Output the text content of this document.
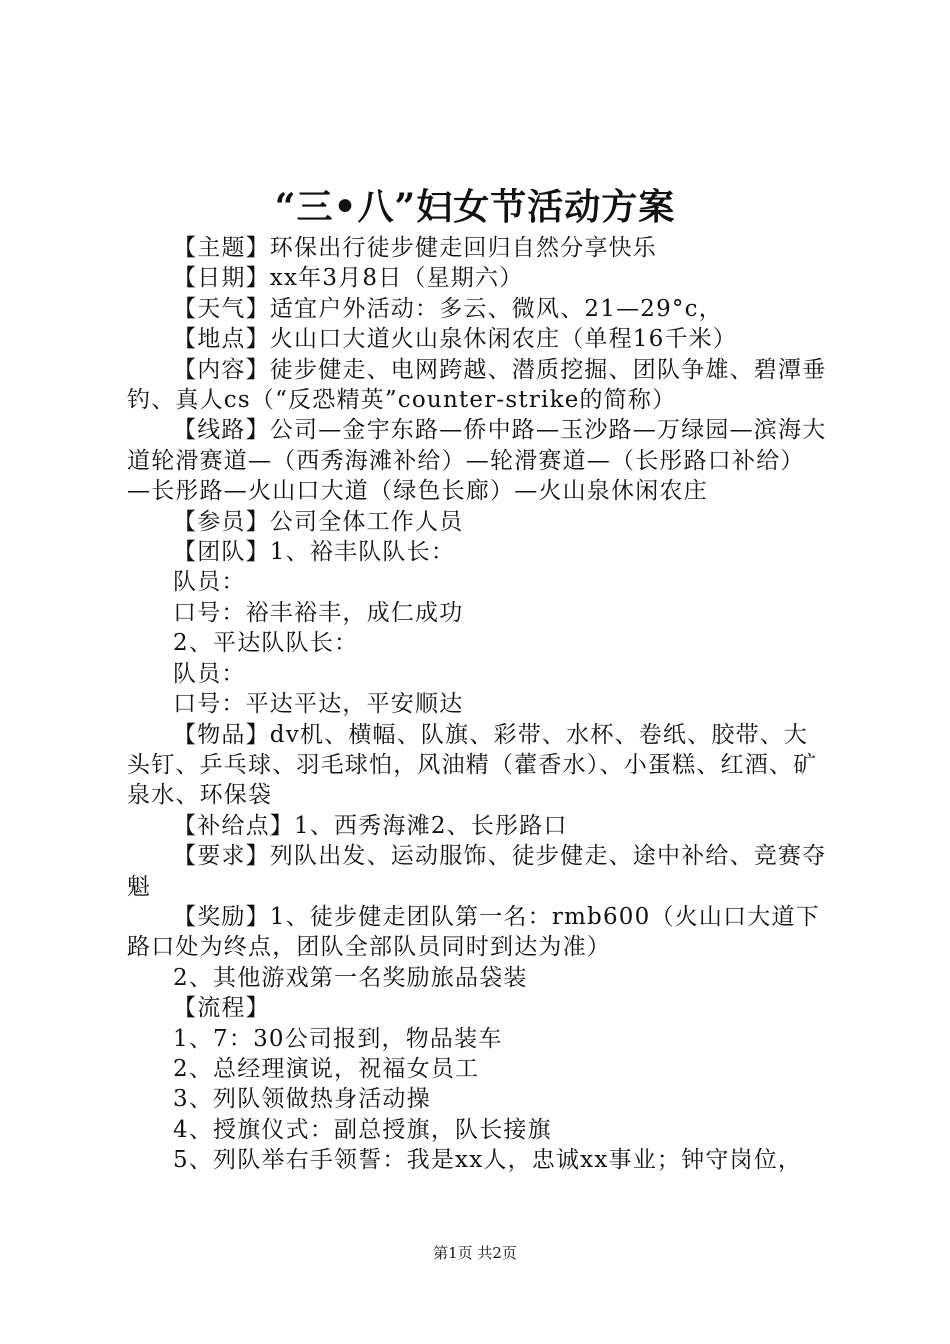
“三•八”妇女节活动方案

【主题】环保出行徒步健走回归自然分享快乐

【日期】xx年3月8日（星期六）

【天气】适宜户外活动：多云、微风、21—29°c，

【地点】火山口大道火山泉休闲农庄（单程16千米）

【内容】徒步健走、电网跨越、潜质挖掘、团队争雄、碧潭垂钓、真人cs（“反恐精英”counter-strike的简称）

【线路】公司—金宇东路—侨中路—玉沙路—万绿园—滨海大道轮滑赛道—（西秀海滩补给）—轮滑赛道—（长彤路口补给）—长彤路—火山口大道（绿色长廊）—火山泉休闲农庄

【参员】公司全体工作人员

【团队】1、裕丰队队长：

队员：

口号：裕丰裕丰，成仁成功

2、平达队队长：

队员：

口号：平达平达，平安顺达

【物品】dv机、横幅、队旗、彩带、水杯、卷纸、胶带、大头钉、乒乓球、羽毛球怕，风油精（藿香水）、小蛋糕、红酒、矿泉水、环保袋

【补给点】1、西秀海滩2、长彤路口

【要求】列队出发、运动服饰、徒步健走、途中补给、竞赛夺魁

【奖励】1、徒步健走团队第一名：rmb600（火山口大道下路口处为终点，团队全部队员同时到达为准）

2、其他游戏第一名奖励旅品袋装

【流程】

1、7：30公司报到，物品装车

2、总经理演说，祝福女员工

3、列队领做热身活动操

4、授旗仪式：副总授旗，队长接旗

5、列队举右手领誓：我是xx人，忠诚xx事业；钟守岗位，

第1页 共2页
